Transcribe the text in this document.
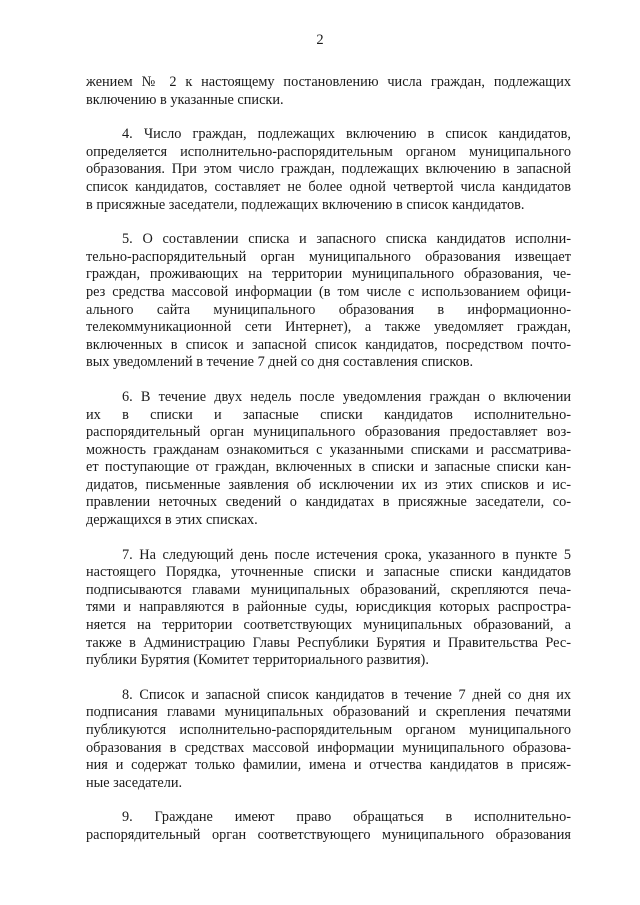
2
жением № 2 к настоящему постановлению числа граждан, подлежащих
включению в указанные списки.
4. Число граждан, подлежащих включению в список кандидатов,
определяется исполнительно-распорядительным органом муниципального
образования. При этом число граждан, подлежащих включению в запасной
список кандидатов, составляет не более одной четвертой числа кандидатов
в присяжные заседатели, подлежащих включению в список кандидатов.
5. О составлении списка и запасного списка кандидатов исполни-
тельно-распорядительный орган муниципального образования извещает
граждан, проживающих на территории муниципального образования, че-
рез средства массовой информации (в том числе с использованием офици-
ального сайта муниципального образования в информационно-
телекоммуникационной сети Интернет), а также уведомляет граждан,
включенных в список и запасной список кандидатов, посредством почто-
вых уведомлений в течение 7 дней со дня составления списков.
6. В течение двух недель после уведомления граждан о включении
их в списки и запасные списки кандидатов исполнительно-
распорядительный орган муниципального образования предоставляет воз-
можность гражданам ознакомиться с указанными списками и рассматрива-
ет поступающие от граждан, включенных в списки и запасные списки кан-
дидатов, письменные заявления об исключении их из этих списков и ис-
правлении неточных сведений о кандидатах в присяжные заседатели, со-
держащихся в этих списках.
7. На следующий день после истечения срока, указанного в пункте 5
настоящего Порядка, уточненные списки и запасные списки кандидатов
подписываются главами муниципальных образований, скрепляются печа-
тями и направляются в районные суды, юрисдикция которых распростра-
няется на территории соответствующих муниципальных образований, а
также в Администрацию Главы Республики Бурятия и Правительства Рес-
публики Бурятия (Комитет территориального развития).
8. Список и запасной список кандидатов в течение 7 дней со дня их
подписания главами муниципальных образований и скрепления печатями
публикуются исполнительно-распорядительным органом муниципального
образования в средствах массовой информации муниципального образова-
ния и содержат только фамилии, имена и отчества кандидатов в присяж-
ные заседатели.
9. Граждане имеют право обращаться в исполнительно-
распорядительный орган соответствующего муниципального образования
